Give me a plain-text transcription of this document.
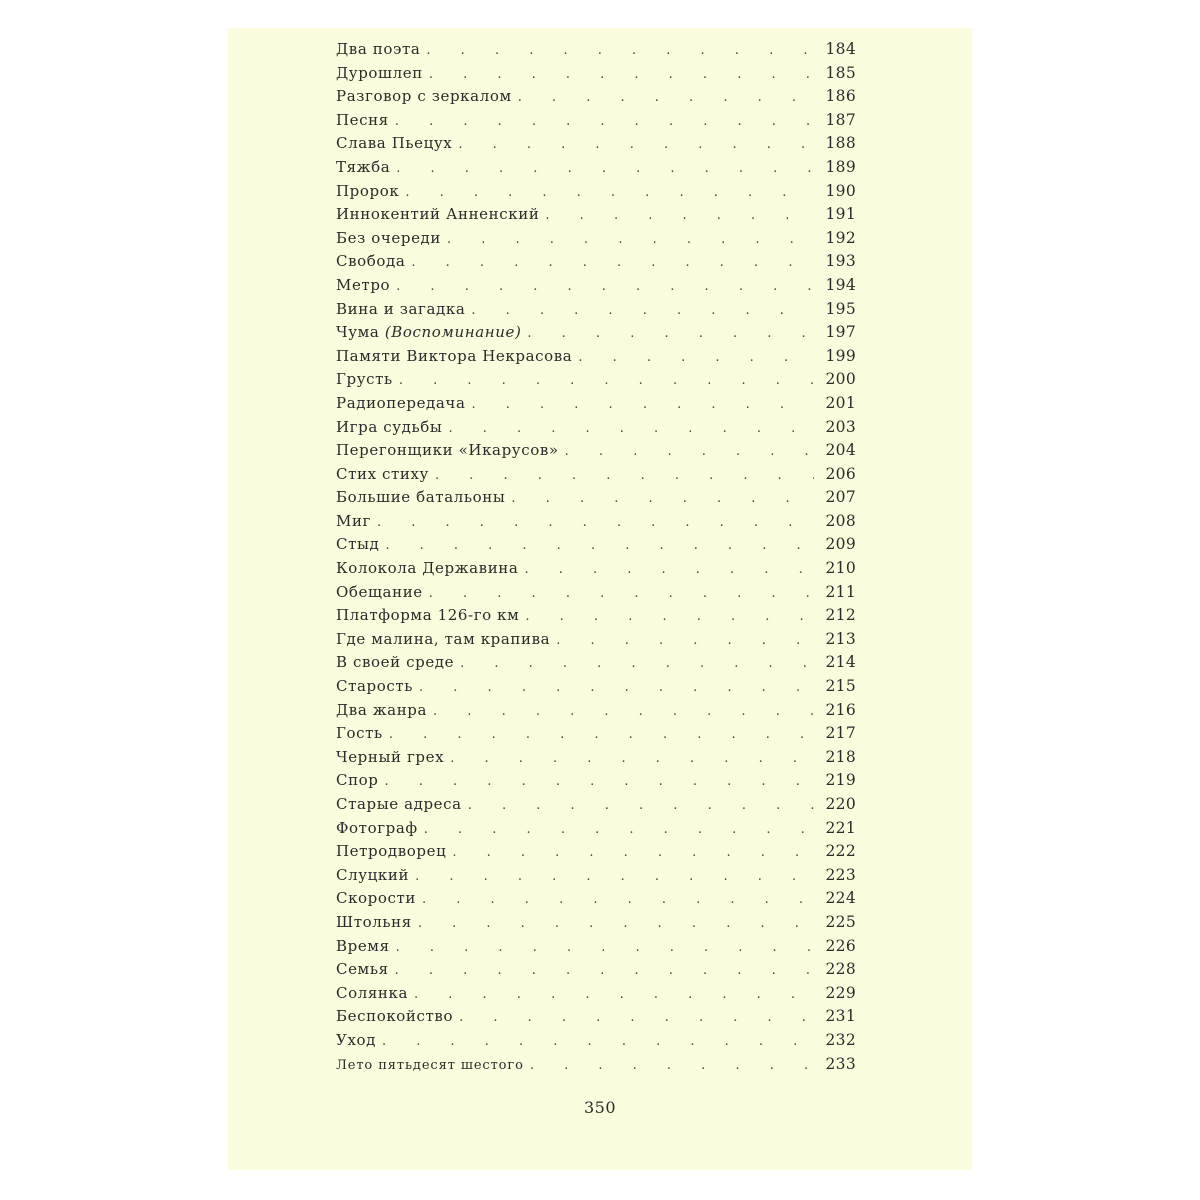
Два поэта . . .	184
Дурошлеп . . .	185
Разговор с зеркалом . . .	186
Песня . . .	187
Слава Пьецух . . .	188
Тяжба . . .	189
Пророк . . .	190
Иннокентий Анненский . . .	191
Без очереди . . .	192
Свобода . . .	193
Метро . . .	194
Вина и загадка . . .	195
Чума (Воспоминание) . . .	197
Памяти Виктора Некрасова . . .	199
Грусть . . .	200
Радиопередача . . .	201
Игра судьбы . . .	203
Перегонщики «Икарусов» . . .	204
Стих стиху . . .	206
Большие батальоны . . .	207
Миг . . .	208
Стыд . . .	209
Колокола Державина . . .	210
Обещание . . .	211
Платформа 126-го км . . .	212
Где малина, там крапива . . .	213
В своей среде . . .	214
Старость . . .	215
Два жанра . . .	216
Гость . . .	217
Черный грех . . .	218
Спор . . .	219
Старые адреса . . .	220
Фотограф . . .	221
Петродворец . . .	222
Слуцкий . . .	223
Скорости . . .	224
Штольня . . .	225
Время . . .	226
Семья . . .	228
Солянка . . .	229
Беспокойство . . .	231
Уход . . .	232
Лето пятьдесят шестого . . .	233
350
